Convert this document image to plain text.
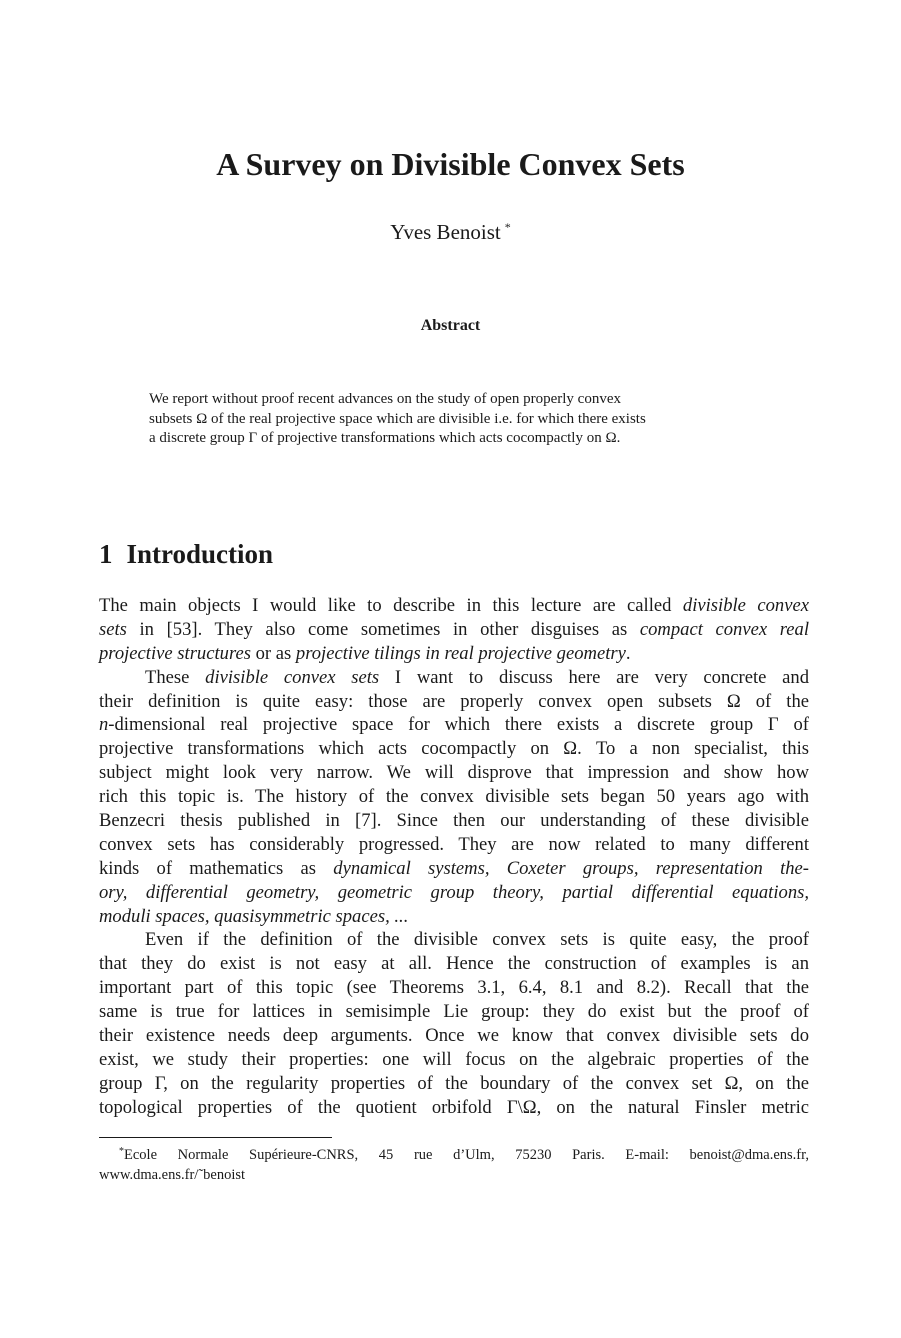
A Survey on Divisible Convex Sets
Yves Benoist *
Abstract
We report without proof recent advances on the study of open properly convex
subsets Ω of the real projective space which are divisible i.e. for which there exists
a discrete group Γ of projective transformations which acts cocompactly on Ω.
1 Introduction
The main objects I would like to describe in this lecture are called divisible convex
sets in [53]. They also come sometimes in other disguises as compact convex real
projective structures or as projective tilings in real projective geometry.
These divisible convex sets I want to discuss here are very concrete and
their definition is quite easy: those are properly convex open subsets Ω of the
n-dimensional real projective space for which there exists a discrete group Γ of
projective transformations which acts cocompactly on Ω. To a non specialist, this
subject might look very narrow. We will disprove that impression and show how
rich this topic is. The history of the convex divisible sets began 50 years ago with
Benzecri thesis published in [7]. Since then our understanding of these divisible
convex sets has considerably progressed. They are now related to many different
kinds of mathematics as dynamical systems, Coxeter groups, representation the-
ory, differential geometry, geometric group theory, partial differential equations,
moduli spaces, quasisymmetric spaces, ...
Even if the definition of the divisible convex sets is quite easy, the proof
that they do exist is not easy at all. Hence the construction of examples is an
important part of this topic (see Theorems 3.1, 6.4, 8.1 and 8.2). Recall that the
same is true for lattices in semisimple Lie group: they do exist but the proof of
their existence needs deep arguments. Once we know that convex divisible sets do
exist, we study their properties: one will focus on the algebraic properties of the
group Γ, on the regularity properties of the boundary of the convex set Ω, on the
topological properties of the quotient orbifold Γ\Ω, on the natural Finsler metric
*Ecole Normale Supérieure-CNRS, 45 rue d’Ulm, 75230 Paris. E-mail: benoist@dma.ens.fr,
www.dma.ens.fr/˜benoist
